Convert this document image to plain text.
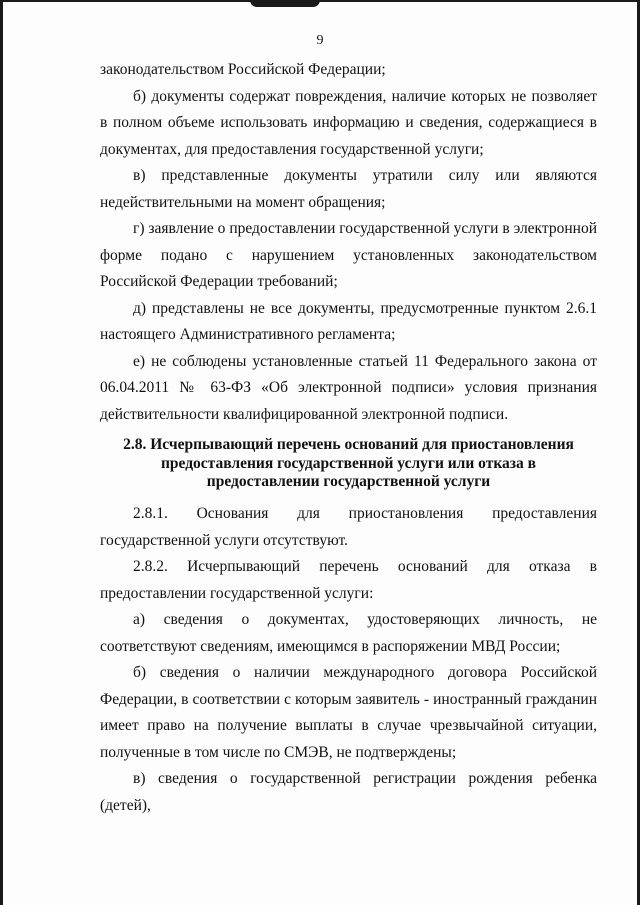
9

законодательством Российской Федерации;

б) документы содержат повреждения, наличие которых не позволяет в полном объеме использовать информацию и сведения, содержащиеся в документах, для предоставления государственной услуги;

в) представленные документы утратили силу или являются недействительными на момент обращения;

г) заявление о предоставлении государственной услуги в электронной форме подано с нарушением установленных законодательством Российской Федерации требований;

д) представлены не все документы, предусмотренные пунктом 2.6.1 настоящего Административного регламента;

е) не соблюдены установленные статьей 11 Федерального закона от 06.04.2011 № 63-ФЗ «Об электронной подписи» условия признания действительности квалифицированной электронной подписи.

2.8. Исчерпывающий перечень оснований для приостановления предоставления государственной услуги или отказа в предоставлении государственной услуги

2.8.1. Основания для приостановления предоставления государственной услуги отсутствуют.

2.8.2. Исчерпывающий перечень оснований для отказа в предоставлении государственной услуги:

а) сведения о документах, удостоверяющих личность, не соответствуют сведениям, имеющимся в распоряжении МВД России;

б) сведения о наличии международного договора Российской Федерации, в соответствии с которым заявитель - иностранный гражданин имеет право на получение выплаты в случае чрезвычайной ситуации, полученные в том числе по СМЭВ, не подтверждены;

в) сведения о государственной регистрации рождения ребенка (детей),
